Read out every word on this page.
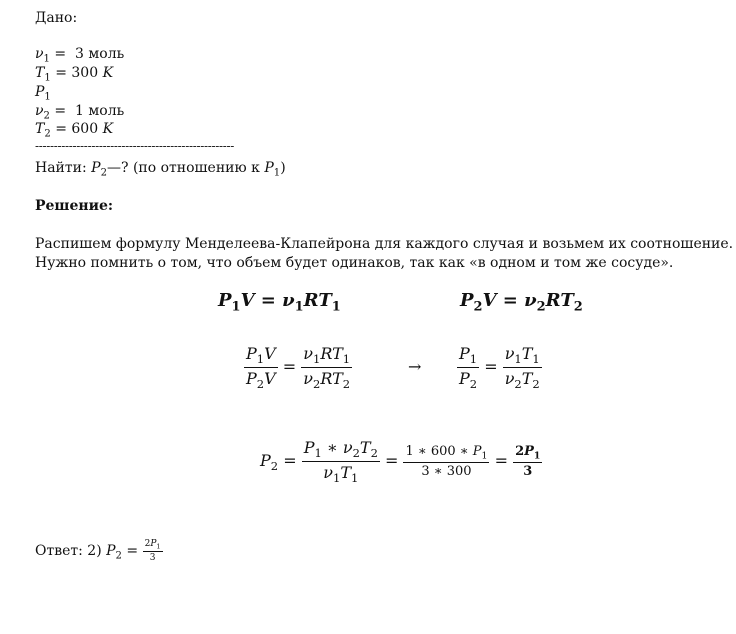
Дано:
$\nu_1 = 3$ моль
$T_1 = 300$ K
$P_1$
$\nu_2 = 1$ моль
$T_2 = 600$ K
-----------------------------------------------------
Найти: $P_2—$? (по отношению к $P_1$)
Решение:
Распишем формулу Менделеева-Клапейрона для каждого случая и возьмем их соотношение.
Нужно помнить о том, что объем будет одинаков, так как «в одном и том же сосуде».
$P_1V = \nu_1RT_1$	$P_2V = \nu_2RT_2$
$\frac{P_1V}{P_2V} = \frac{\nu_1RT_1}{\nu_2RT_2}$	→ $\frac{P_1}{P_2} = \frac{\nu_1T_1}{\nu_2T_2}$
$P_2 = \frac{P_1 ∗ \nu_2T_2}{\nu_1T_1} = \frac{1 ∗ 600 ∗ P_1}{3 ∗ 300} = \frac{2P_1}{3}$
Ответ: 2) $P_2 = \frac{2P_1}{3}$
